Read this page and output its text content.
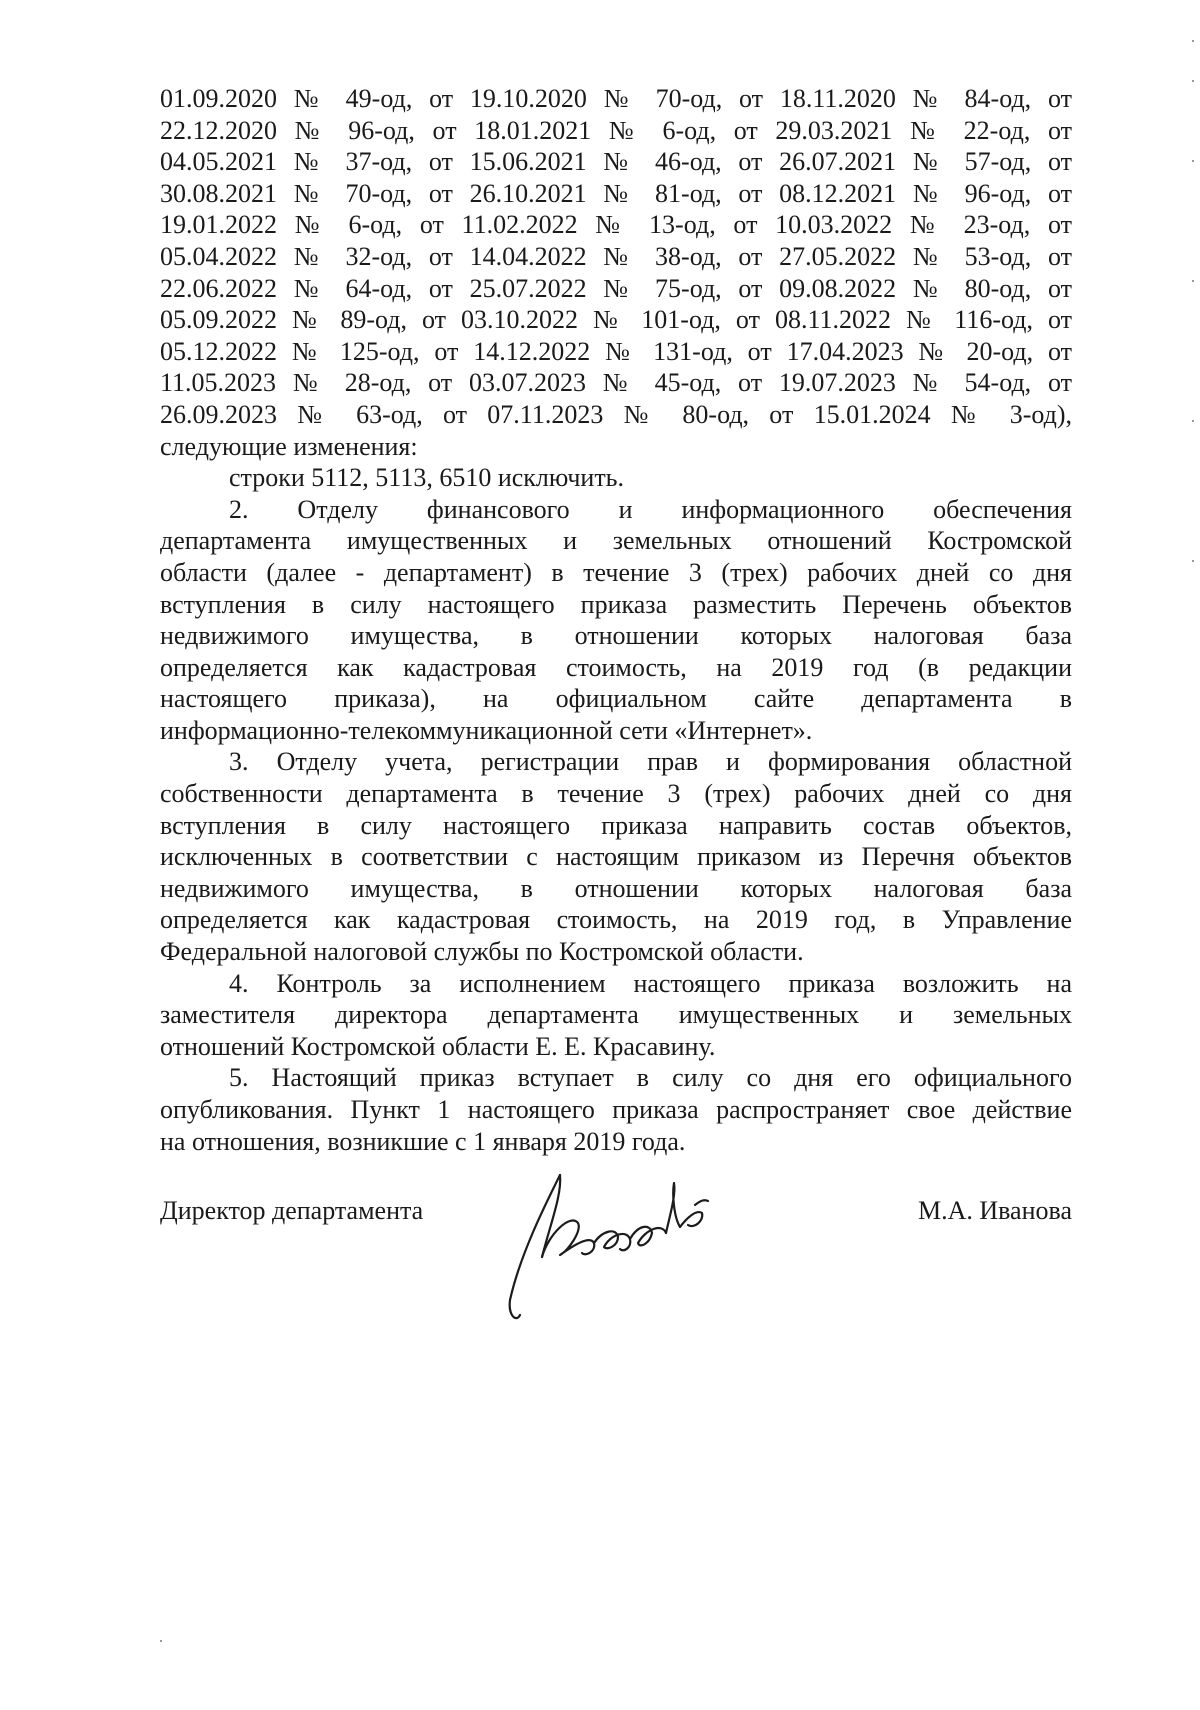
01.09.2020 № 49-од, от 19.10.2020 № 70-од, от 18.11.2020 № 84-од, от
22.12.2020 № 96-од, от 18.01.2021 № 6-од, от 29.03.2021 № 22-од, от
04.05.2021 № 37-од, от 15.06.2021 № 46-од, от 26.07.2021 № 57-од, от
30.08.2021 № 70-од, от 26.10.2021 № 81-од, от 08.12.2021 № 96-од, от
19.01.2022 № 6-од, от 11.02.2022 № 13-од, от 10.03.2022 № 23-од, от
05.04.2022 № 32-од, от 14.04.2022 № 38-од, от 27.05.2022 № 53-од, от
22.06.2022 № 64-од, от 25.07.2022 № 75-од, от 09.08.2022 № 80-од, от
05.09.2022 № 89-од, от 03.10.2022 № 101-од, от 08.11.2022 № 116-од, от
05.12.2022 № 125-од, от 14.12.2022 № 131-од, от 17.04.2023 № 20-од, от
11.05.2023 № 28-од, от 03.07.2023 № 45-од, от 19.07.2023 № 54-од, от
26.09.2023 № 63-од, от 07.11.2023 № 80-од, от 15.01.2024 № 3-од),
следующие изменения:
строки 5112, 5113, 6510 исключить.
2. Отделу финансового и информационного обеспечения
департамента имущественных и земельных отношений Костромской
области (далее - департамент) в течение 3 (трех) рабочих дней со дня
вступления в силу настоящего приказа разместить Перечень объектов
недвижимого имущества, в отношении которых налоговая база
определяется как кадастровая стоимость, на 2019 год (в редакции
настоящего приказа), на официальном сайте департамента в
информационно-телекоммуникационной сети «Интернет».
3. Отделу учета, регистрации прав и формирования областной
собственности департамента в течение 3 (трех) рабочих дней со дня
вступления в силу настоящего приказа направить состав объектов,
исключенных в соответствии с настоящим приказом из Перечня объектов
недвижимого имущества, в отношении которых налоговая база
определяется как кадастровая стоимость, на 2019 год, в Управление
Федеральной налоговой службы по Костромской области.
4. Контроль за исполнением настоящего приказа возложить на
заместителя директора департамента имущественных и земельных
отношений Костромской области Е. Е. Красавину.
5. Настоящий приказ вступает в силу со дня его официального
опубликования. Пункт 1 настоящего приказа распространяет свое действие
на отношения, возникшие с 1 января 2019 года.
Директор департамента	М.А. Иванова
